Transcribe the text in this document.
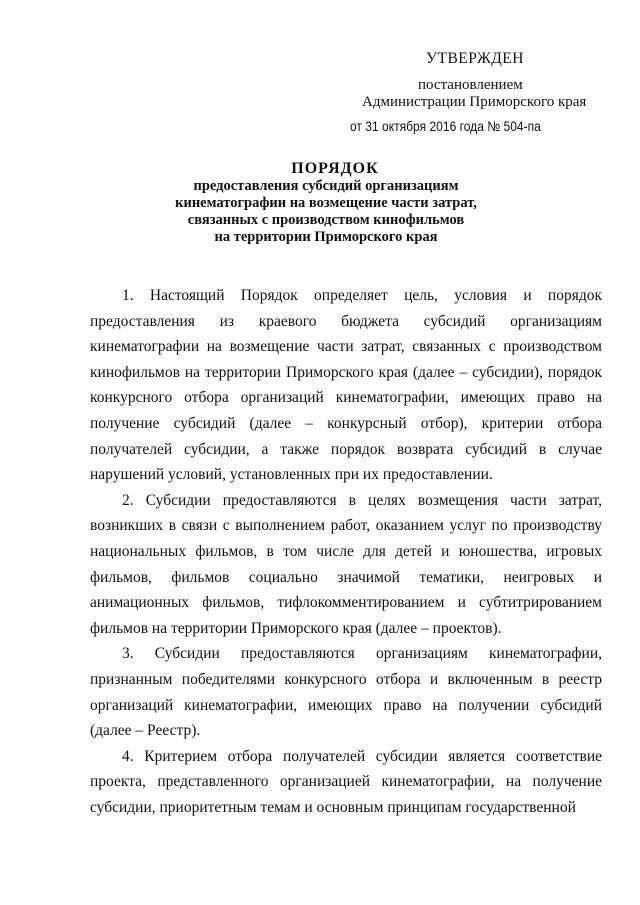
УТВЕРЖДЕН
постановлением
Администрации Приморского края
от 31 октября 2016 года № 504-па
ПОРЯДОК
предоставления субсидий организациям
кинематографии на возмещение части затрат,
связанных с производством кинофильмов
на территории Приморского края

1. Настоящий Порядок определяет цель, условия и порядок предоставления из краевого бюджета субсидий организациям кинематографии на возмещение части затрат, связанных с производством кинофильмов на территории Приморского края (далее – субсидии), порядок конкурсного отбора организаций кинематографии, имеющих право на получение субсидий (далее – конкурсный отбор), критерии отбора получателей субсидии, а также порядок возврата субсидий в случае нарушений условий, установленных при их предоставлении.

2. Субсидии предоставляются в целях возмещения части затрат, возникших в связи с выполнением работ, оказанием услуг по производству национальных фильмов, в том числе для детей и юношества, игровых фильмов, фильмов социально значимой тематики, неигровых и анимационных фильмов, тифлокомментированием и субтитрированием фильмов на территории Приморского края (далее – проектов).

3. Субсидии предоставляются организациям кинематографии, признанным победителями конкурсного отбора и включенным в реестр организаций кинематографии, имеющих право на получении субсидий (далее – Реестр).

4. Критерием отбора получателей субсидии является соответствие проекта, представленного организацией кинематографии, на получение субсидии, приоритетным темам и основным принципам государственной
